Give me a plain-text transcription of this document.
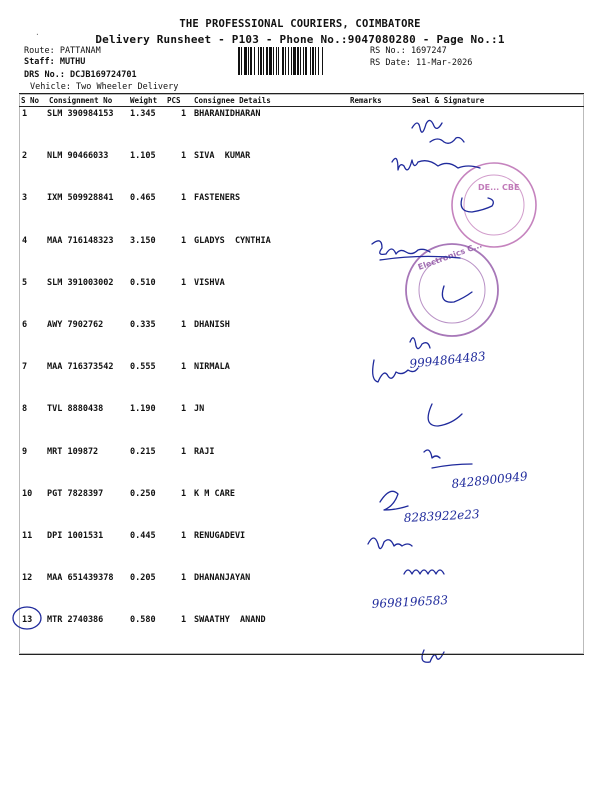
·
THE PROFESSIONAL COURIERS, COIMBATORE
Delivery Runsheet - P103 - Phone No.:9047080280 - Page No.:1
Route: PATTANAM
Staff: MUTHU
DRS No.: DCJB169724701
Vehicle: Two Wheeler Delivery
RS No.: 1697247
RS Date: 11-Mar-2026
S No Consignment No Weight PCS Consignee Details	Remarks	Seal & Signature
1 SLM 390984153 1.345	1 BHARANIDHARAN
2 NLM 90466033	1.105	1 SIVA  KUMAR
3 IXM 509928841 0.465	1 FASTENERS
4 MAA 716148323 3.150	1 GLADYS  CYNTHIA
5 SLM 391003002 0.510	1 VISHVA
6 AWY 7902762	0.335	1 DHANISH
7 MAA 716373542 0.555	1 NIRMALA
8 TVL 8880438	1.190	1 JN
9 MRT 109872	0.215	1 RAJI
10 PGT 7828397	0.250	1 K M CARE
11 DPI 1001531	0.445	1 RENUGADEVI
12 MAA 651439378 0.205	1 DHANANJAYAN
13 MTR 2740386	0.580	1 SWAATHY  ANAND
DE... CBE
Electronics C...
9994864483
8428900949
8283922e23
9698196583
